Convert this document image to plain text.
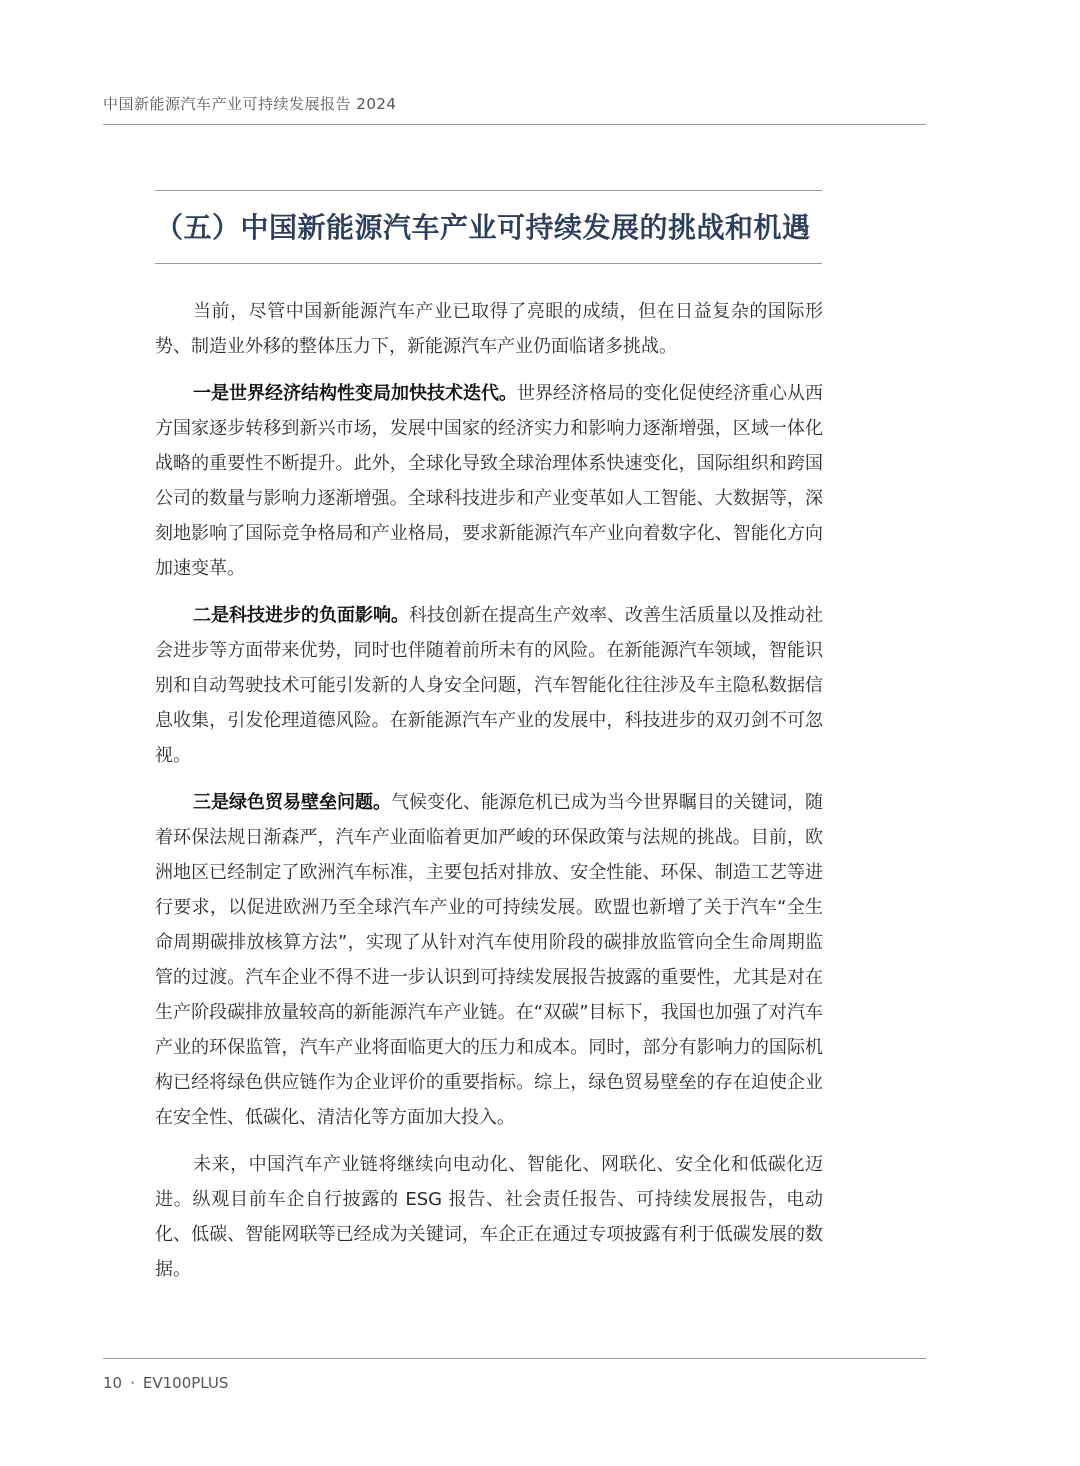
中国新能源汽车产业可持续发展报告 2024
（五）中国新能源汽车产业可持续发展的挑战和机遇

当前，尽管中国新能源汽车产业已取得了亮眼的成绩，但在日益复杂的国际形势、制造业外移的整体压力下，新能源汽车产业仍面临诸多挑战。

一是世界经济结构性变局加快技术迭代。世界经济格局的变化促使经济重心从西方国家逐步转移到新兴市场，发展中国家的经济实力和影响力逐渐增强，区域一体化战略的重要性不断提升。此外，全球化导致全球治理体系快速变化，国际组织和跨国公司的数量与影响力逐渐增强。全球科技进步和产业变革如人工智能、大数据等，深刻地影响了国际竞争格局和产业格局，要求新能源汽车产业向着数字化、智能化方向加速变革。

二是科技进步的负面影响。科技创新在提高生产效率、改善生活质量以及推动社会进步等方面带来优势，同时也伴随着前所未有的风险。在新能源汽车领域，智能识别和自动驾驶技术可能引发新的人身安全问题，汽车智能化往往涉及车主隐私数据信息收集，引发伦理道德风险。在新能源汽车产业的发展中，科技进步的双刃剑不可忽视。

三是绿色贸易壁垒问题。气候变化、能源危机已成为当今世界瞩目的关键词，随着环保法规日渐森严，汽车产业面临着更加严峻的环保政策与法规的挑战。目前，欧洲地区已经制定了欧洲汽车标准，主要包括对排放、安全性能、环保、制造工艺等进行要求，以促进欧洲乃至全球汽车产业的可持续发展。欧盟也新增了关于汽车“全生命周期碳排放核算方法”，实现了从针对汽车使用阶段的碳排放监管向全生命周期监管的过渡。汽车企业不得不进一步认识到可持续发展报告披露的重要性，尤其是对在生产阶段碳排放量较高的新能源汽车产业链。在“双碳”目标下，我国也加强了对汽车产业的环保监管，汽车产业将面临更大的压力和成本。同时，部分有影响力的国际机构已经将绿色供应链作为企业评价的重要指标。综上，绿色贸易壁垒的存在迫使企业在安全性、低碳化、清洁化等方面加大投入。

未来，中国汽车产业链将继续向电动化、智能化、网联化、安全化和低碳化迈进。纵观目前车企自行披露的 ESG 报告、社会责任报告、可持续发展报告，电动化、低碳、智能网联等已经成为关键词，车企正在通过专项披露有利于低碳发展的数据。

10 · EV100PLUS
